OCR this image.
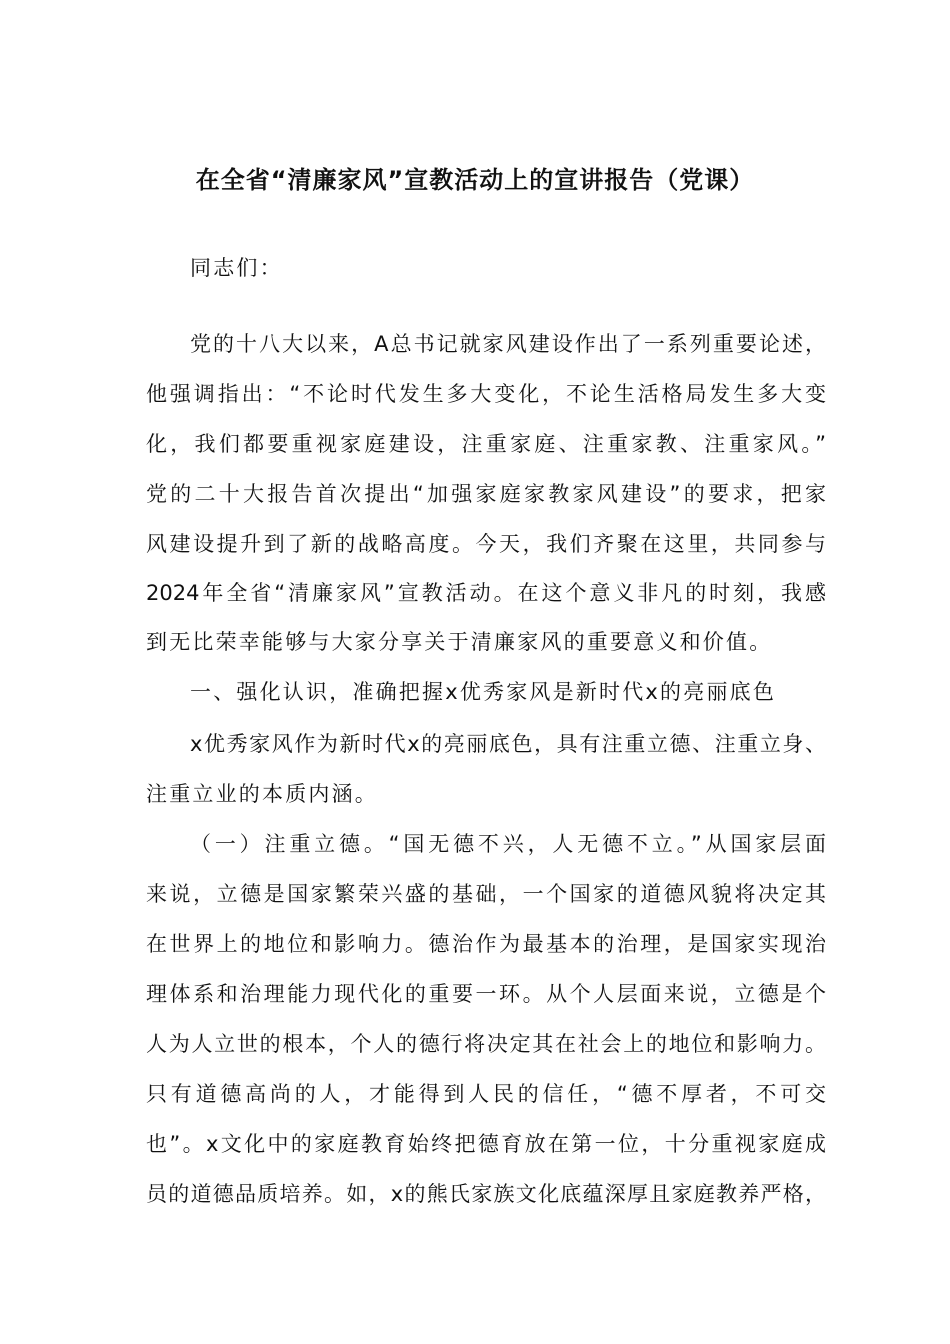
在全省“清廉家风”宣教活动上的宣讲报告（党课）
同志们：
党的十八大以来，A总书记就家风建设作出了一系列重要论述，
他强调指出：“不论时代发生多大变化，不论生活格局发生多大变
化，我们都要重视家庭建设，注重家庭、注重家教、注重家风。”
党的二十大报告首次提出“加强家庭家教家风建设”的要求，把家
风建设提升到了新的战略高度。今天，我们齐聚在这里，共同参与
2024年全省“清廉家风”宣教活动。在这个意义非凡的时刻，我感
到无比荣幸能够与大家分享关于清廉家风的重要意义和价值。
一、强化认识，准确把握x优秀家风是新时代x的亮丽底色
x优秀家风作为新时代x的亮丽底色，具有注重立德、注重立身、
注重立业的本质内涵。
（一）注重立德。“国无德不兴，人无德不立。”从国家层面
来说，立德是国家繁荣兴盛的基础，一个国家的道德风貌将决定其
在世界上的地位和影响力。德治作为最基本的治理，是国家实现治
理体系和治理能力现代化的重要一环。从个人层面来说，立德是个
人为人立世的根本，个人的德行将决定其在社会上的地位和影响力。
只有道德高尚的人，才能得到人民的信任，“德不厚者，不可交
也”。x文化中的家庭教育始终把德育放在第一位，十分重视家庭成
员的道德品质培养。如，x的熊氏家族文化底蕴深厚且家庭教养严格，
